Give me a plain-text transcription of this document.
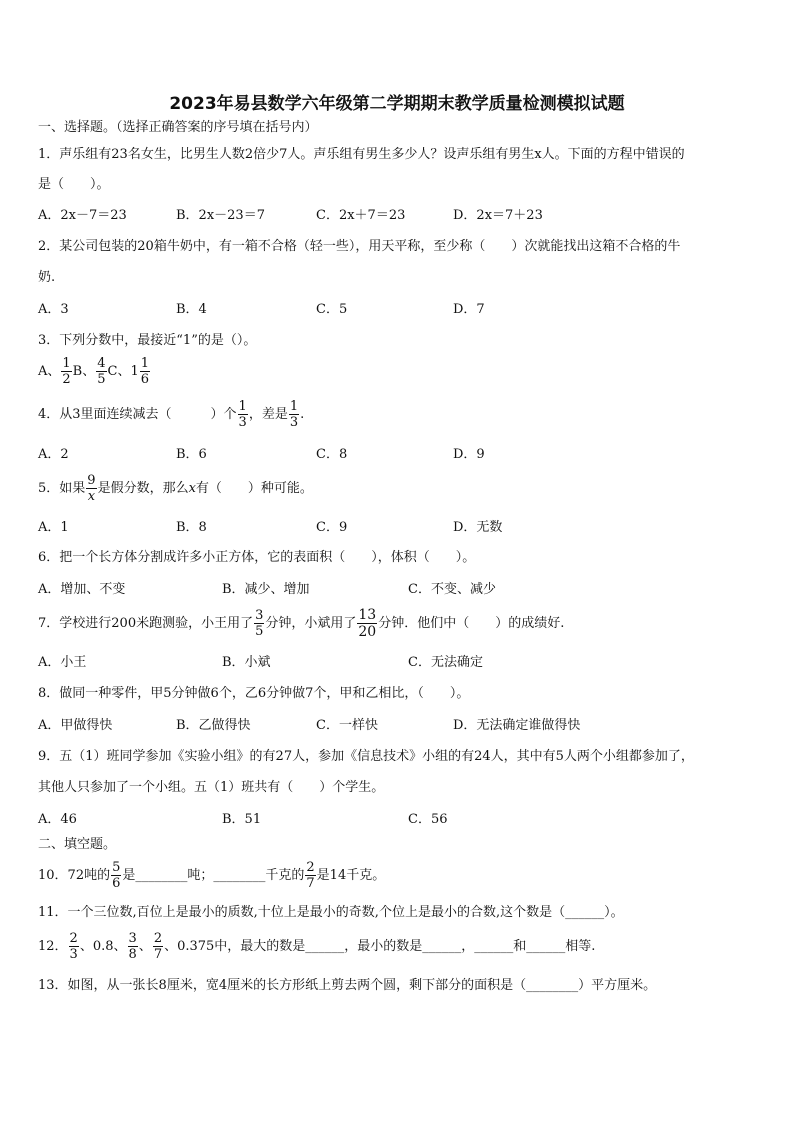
2023年易县数学六年级第二学期期末教学质量检测模拟试题
一、选择题。（选择正确答案的序号填在括号内）
1．声乐组有23名女生，比男生人数2倍少7人。声乐组有男生多少人？设声乐组有男生x人。下面的方程中错误的
是（　　）。
A．2x－7＝23	B．2x－23＝7	C．2x＋7＝23	D．2x＝7＋23
2．某公司包装的20箱牛奶中，有一箱不合格（轻一些），用天平称，至少称（　　）次就能找出这箱不合格的牛
奶.
A．3	B．4	C．5	D．7
3．下列分数中，最接近“1”的是（）。
A、 $\frac{1}{2}$ B、 $\frac{4}{5}$ C、$1 \frac{1}{6}$
4．从3里面连续减去（　　　）个 $\frac{1}{3}$ ，差是 $\frac{1}{3}$ .
A．2	B．6	C．8	D．9
5．如果 $\frac{9}{x}$ 是假分数，那么x有（　　）种可能。
A．1	B．8	C．9	D．无数
6．把一个长方体分割成许多小正方体，它的表面积（　　），体积（　　）。
A．增加、不变	B．减少、增加	C．不变、减少
7．学校进行200米跑测验，小王用了 $\frac{3}{5}$ 分钟，小斌用了 $\frac{13}{20}$ 分钟．他们中（　　）的成绩好.
A．小王	B．小斌	C．无法确定
8．做同一种零件，甲5分钟做6个，乙6分钟做7个，甲和乙相比，（　　）。
A．甲做得快	B．乙做得快	C．一样快	D．无法确定谁做得快
9．五（1）班同学参加《实验小组》的有27人，参加《信息技术》小组的有24人，其中有5人两个小组都参加了，
其他人只参加了一个小组。五（1）班共有（　　）个学生。
A．46	B．51	C．56
二、填空题。
10．72吨的 $\frac{5}{6}$ 是________吨；________千克的 $\frac{2}{7}$ 是14千克。
11．一个三位数,百位上是最小的质数,十位上是最小的奇数,个位上是最小的合数,这个数是（______）。
12． $\frac{2}{3}$ 、0.8、 $\frac{3}{8}$ 、 $\frac{2}{7}$ 、0.375中，最大的数是______，最小的数是______，______和______相等.
13．如图，从一张长8厘米，宽4厘米的长方形纸上剪去两个圆，剩下部分的面积是（________）平方厘米。
